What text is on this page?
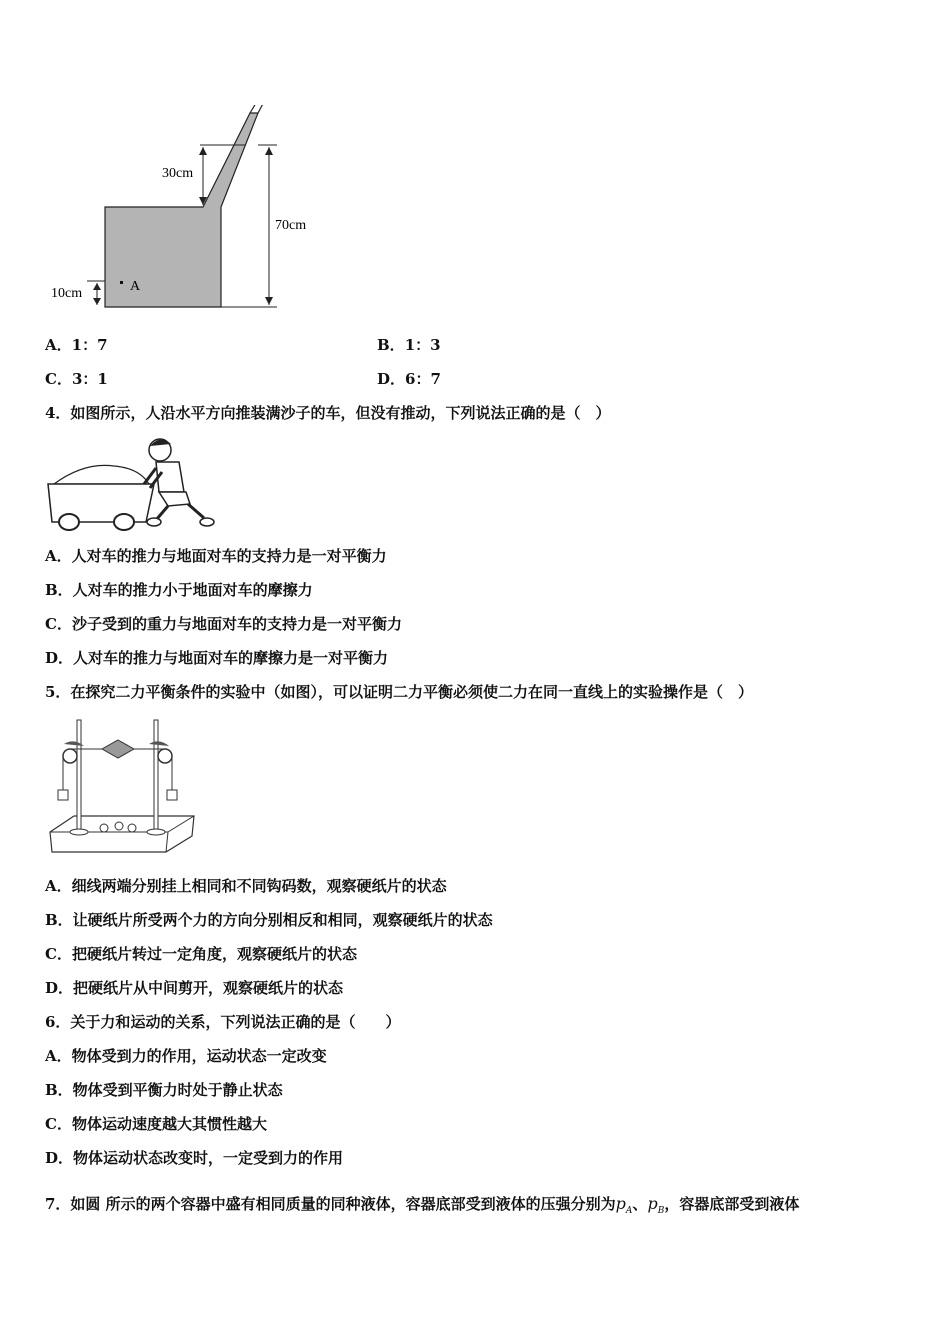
30cm
70cm
10cm	A
A．1：7	B．1：3
C．3：1	D．6：7
4．如图所示，人沿水平方向推装满沙子的车，但没有推动，下列说法正确的是（　）
A．人对车的推力与地面对车的支持力是一对平衡力
B．人对车的推力小于地面对车的摩擦力
C．沙子受到的重力与地面对车的支持力是一对平衡力
D．人对车的推力与地面对车的摩擦力是一对平衡力
5．在探究二力平衡条件的实验中（如图），可以证明二力平衡必须使二力在同一直线上的实验操作是（　）
A．细线两端分别挂上相同和不同钩码数，观察硬纸片的状态
B．让硬纸片所受两个力的方向分别相反和相同，观察硬纸片的状态
C．把硬纸片转过一定角度，观察硬纸片的状态
D．把硬纸片从中间剪开，观察硬纸片的状态
6．关于力和运动的关系，下列说法正确的是（　　）
A．物体受到力的作用，运动状态一定改变
B．物体受到平衡力时处于静止状态
C．物体运动速度越大其惯性越大
D．物体运动状态改变时，一定受到力的作用
7．如圆 所示的两个容器中盛有相同质量的同种液体，容器底部受到液体的压强分别为$p_A$、$p_B$，容器底部受到液体
